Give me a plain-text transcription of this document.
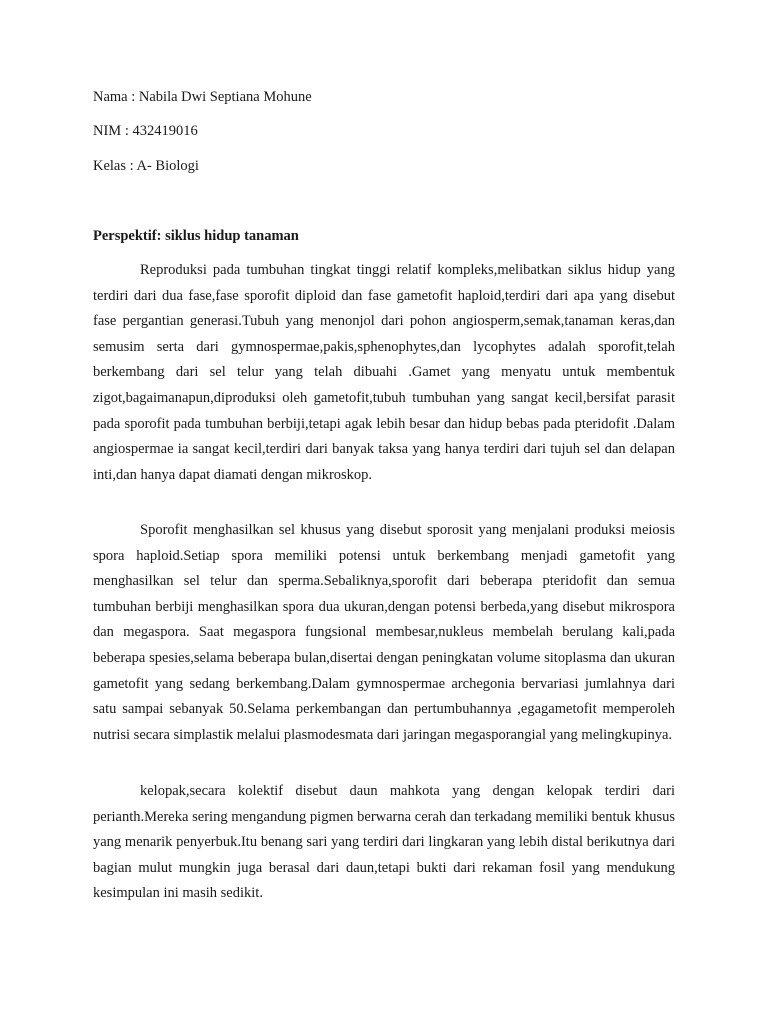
Nama : Nabila Dwi Septiana Mohune
NIM : 432419016
Kelas : A- Biologi
Perspektif: siklus hidup tanaman

Reproduksi pada tumbuhan tingkat tinggi relatif kompleks,melibatkan siklus hidup yang terdiri dari dua fase,fase sporofit diploid dan fase gametofit haploid,terdiri dari apa yang disebut fase pergantian generasi.Tubuh yang menonjol dari pohon angiosperm,semak,tanaman keras,dan semusim serta dari gymnospermae,pakis,sphenophytes,dan lycophytes adalah sporofit,telah berkembang dari sel telur yang telah dibuahi .Gamet yang menyatu untuk membentuk zigot,bagaimanapun,diproduksi oleh gametofit,tubuh tumbuhan yang sangat kecil,bersifat parasit pada sporofit pada tumbuhan berbiji,tetapi agak lebih besar dan hidup bebas pada pteridofit .Dalam angiospermae ia sangat kecil,terdiri dari banyak taksa yang hanya terdiri dari tujuh sel dan delapan inti,dan hanya dapat diamati dengan mikroskop.

Sporofit menghasilkan sel khusus yang disebut sporosit yang menjalani produksi meiosis spora haploid.Setiap spora memiliki potensi untuk berkembang menjadi gametofit yang menghasilkan sel telur dan sperma.Sebaliknya,sporofit dari beberapa pteridofit dan semua tumbuhan berbiji menghasilkan spora dua ukuran,dengan potensi berbeda,yang disebut mikrospora dan megaspora. Saat megaspora fungsional membesar,nukleus membelah berulang kali,pada beberapa spesies,selama beberapa bulan,disertai dengan peningkatan volume sitoplasma dan ukuran gametofit yang sedang berkembang.Dalam gymnospermae archegonia bervariasi jumlahnya dari satu sampai sebanyak 50.Selama perkembangan dan pertumbuhannya ,egagametofit memperoleh nutrisi secara simplastik melalui plasmodesmata dari jaringan megasporangial yang melingkupinya.

kelopak,secara kolektif disebut daun mahkota yang dengan kelopak terdiri dari perianth.Mereka sering mengandung pigmen berwarna cerah dan terkadang memiliki bentuk khusus yang menarik penyerbuk.Itu benang sari yang terdiri dari lingkaran yang lebih distal berikutnya dari bagian mulut mungkin juga berasal dari daun,tetapi bukti dari rekaman fosil yang mendukung kesimpulan ini masih sedikit.
